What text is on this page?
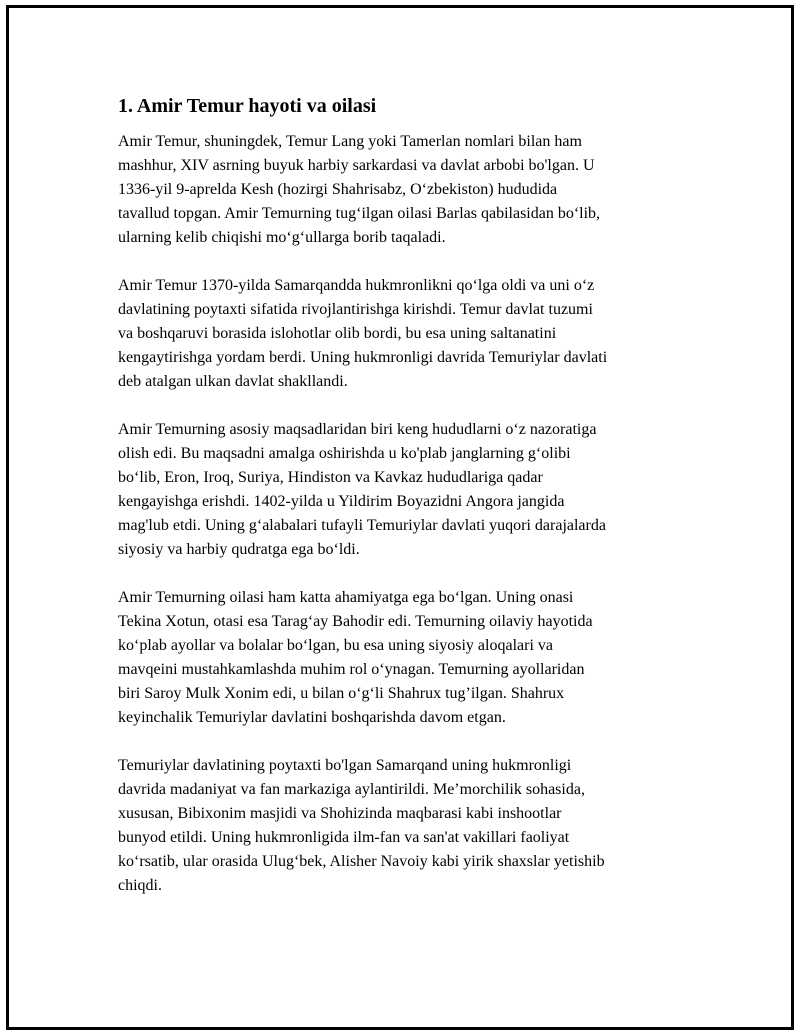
1. Amir Temur hayoti va oilasi

Amir Temur, shuningdek, Temur Lang yoki Tamerlan nomlari bilan ham
mashhur, XIV asrning buyuk harbiy sarkardasi va davlat arbobi bo'lgan. U
1336-yil 9-aprelda Kesh (hozirgi Shahrisabz, O‘zbekiston) hududida
tavallud topgan. Amir Temurning tug‘ilgan oilasi Barlas qabilasidan bo‘lib,
ularning kelib chiqishi mo‘g‘ullarga borib taqaladi.

Amir Temur 1370-yilda Samarqandda hukmronlikni qo‘lga oldi va uni o‘z
davlatining poytaxti sifatida rivojlantirishga kirishdi. Temur davlat tuzumi
va boshqaruvi borasida islohotlar olib bordi, bu esa uning saltanatini
kengaytirishga yordam berdi. Uning hukmronligi davrida Temuriylar davlati
deb atalgan ulkan davlat shakllandi.

Amir Temurning asosiy maqsadlaridan biri keng hududlarni o‘z nazoratiga
olish edi. Bu maqsadni amalga oshirishda u ko'plab janglarning g‘olibi
bo‘lib, Eron, Iroq, Suriya, Hindiston va Kavkaz hududlariga qadar
kengayishga erishdi. 1402-yilda u Yildirim Boyazidni Angora jangida
mag'lub etdi. Uning g‘alabalari tufayli Temuriylar davlati yuqori darajalarda
siyosiy va harbiy qudratga ega bo‘ldi.

Amir Temurning oilasi ham katta ahamiyatga ega bo‘lgan. Uning onasi
Tekina Xotun, otasi esa Tarag‘ay Bahodir edi. Temurning oilaviy hayotida
ko‘plab ayollar va bolalar bo‘lgan, bu esa uning siyosiy aloqalari va
mavqeini mustahkamlashda muhim rol o‘ynagan. Temurning ayollaridan
biri Saroy Mulk Xonim edi, u bilan o‘g‘li Shahrux tug’ilgan. Shahrux
keyinchalik Temuriylar davlatini boshqarishda davom etgan.

Temuriylar davlatining poytaxti bo'lgan Samarqand uning hukmronligi
davrida madaniyat va fan markaziga aylantirildi. Me’morchilik sohasida,
xususan, Bibixonim masjidi va Shohizinda maqbarasi kabi inshootlar
bunyod etildi. Uning hukmronligida ilm-fan va san'at vakillari faoliyat
ko‘rsatib, ular orasida Ulug‘bek, Alisher Navoiy kabi yirik shaxslar yetishib
chiqdi.
